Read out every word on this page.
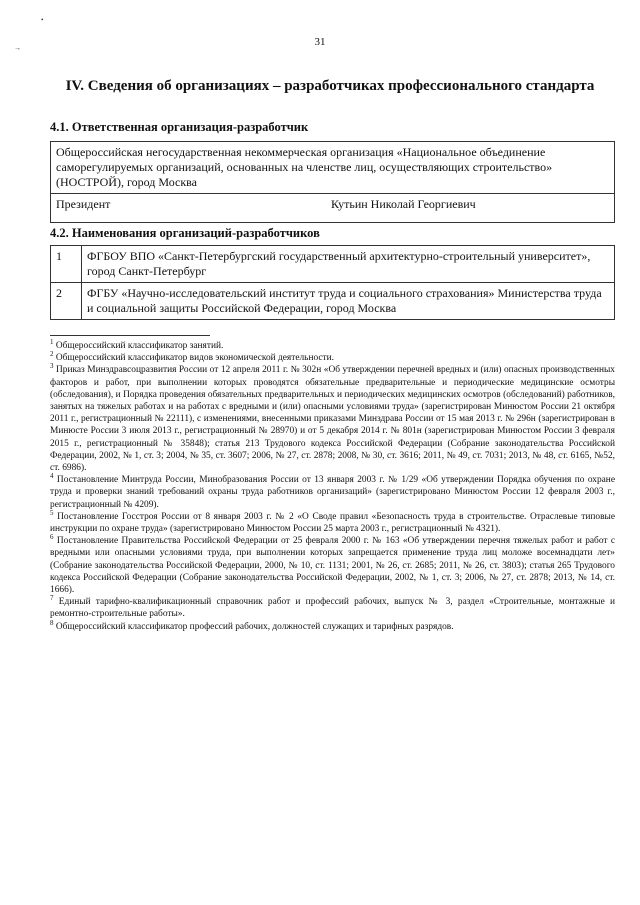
•
→	31
IV. Сведения об организациях – разработчиках профессионального стандарта
4.1. Ответственная организация-разработчик
Общероссийская негосударственная некоммерческая организация «Национальное объединение саморегулируемых организаций, основанных на членстве лиц, осуществляющих строительство» (НОСТРОЙ), город Москва
Президент	Кутьин Николай Георгиевич
4.2. Наименования организаций-разработчиков
1	ФГБОУ ВПО «Санкт-Петербургский государственный архитектурно-строительный университет», город Санкт-Петербург
2	ФГБУ «Научно-исследовательский институт труда и социального страхования» Министерства труда и социальной защиты Российской Федерации, город Москва

$^1$ Общероссийский классификатор занятий.

$^2$ Общероссийский классификатор видов экономической деятельности.

$^3$ Приказ Минздравсоцразвития России от 12 апреля 2011 г. № 302н «Об утверждении перечней вредных и (или) опасных производственных факторов и работ, при выполнении которых проводятся обязательные предварительные и периодические медицинские осмотры (обследования), и Порядка проведения обязательных предварительных и периодических медицинских осмотров (обследований) работников, занятых на тяжелых работах и на работах с вредными и (или) опасными условиями труда» (зарегистрирован Минюстом России 21 октября 2011 г., регистрационный № 22111), с изменениями, внесенными приказами Минздрава России от 15 мая 2013 г. № 296н (зарегистрирован в Минюсте России 3 июля 2013 г., регистрационный № 28970) и от 5 декабря 2014 г. № 801н (зарегистрирован Минюстом России 3 февраля 2015 г., регистрационный № 35848); статья 213 Трудового кодекса Российской Федерации (Собрание законодательства Российской Федерации, 2002, № 1, ст. 3; 2004, № 35, ст. 3607; 2006, № 27, ст. 2878; 2008, № 30, ст. 3616; 2011, № 49, ст. 7031; 2013, № 48, ст. 6165, №52, ст. 6986).

$^4$ Постановление Минтруда России, Минобразования России от 13 января 2003 г. № 1/29 «Об утверждении Порядка обучения по охране труда и проверки знаний требований охраны труда работников организаций» (зарегистрировано Минюстом России 12 февраля 2003 г., регистрационный № 4209).

$^5$ Постановление Госстроя России от 8 января 2003 г. № 2 «О Своде правил «Безопасность труда в строительстве. Отраслевые типовые инструкции по охране труда» (зарегистрировано Минюстом России 25 марта 2003 г., регистрационный № 4321).

$^6$ Постановление Правительства Российской Федерации от 25 февраля 2000 г. № 163 «Об утверждении перечня тяжелых работ и работ с вредными или опасными условиями труда, при выполнении которых запрещается применение труда лиц моложе восемнадцати лет» (Собрание законодательства Российской Федерации, 2000, № 10, ст. 1131; 2001, № 26, ст. 2685; 2011, № 26, ст. 3803); статья 265 Трудового кодекса Российской Федерации (Собрание законодательства Российской Федерации, 2002, № 1, ст. 3; 2006, № 27, ст. 2878; 2013, № 14, ст. 1666).

$^7$ Единый тарифно-квалификационный справочник работ и профессий рабочих, выпуск № 3, раздел «Строительные, монтажные и ремонтно-строительные работы».

$^8$ Общероссийский классификатор профессий рабочих, должностей служащих и тарифных разрядов.
